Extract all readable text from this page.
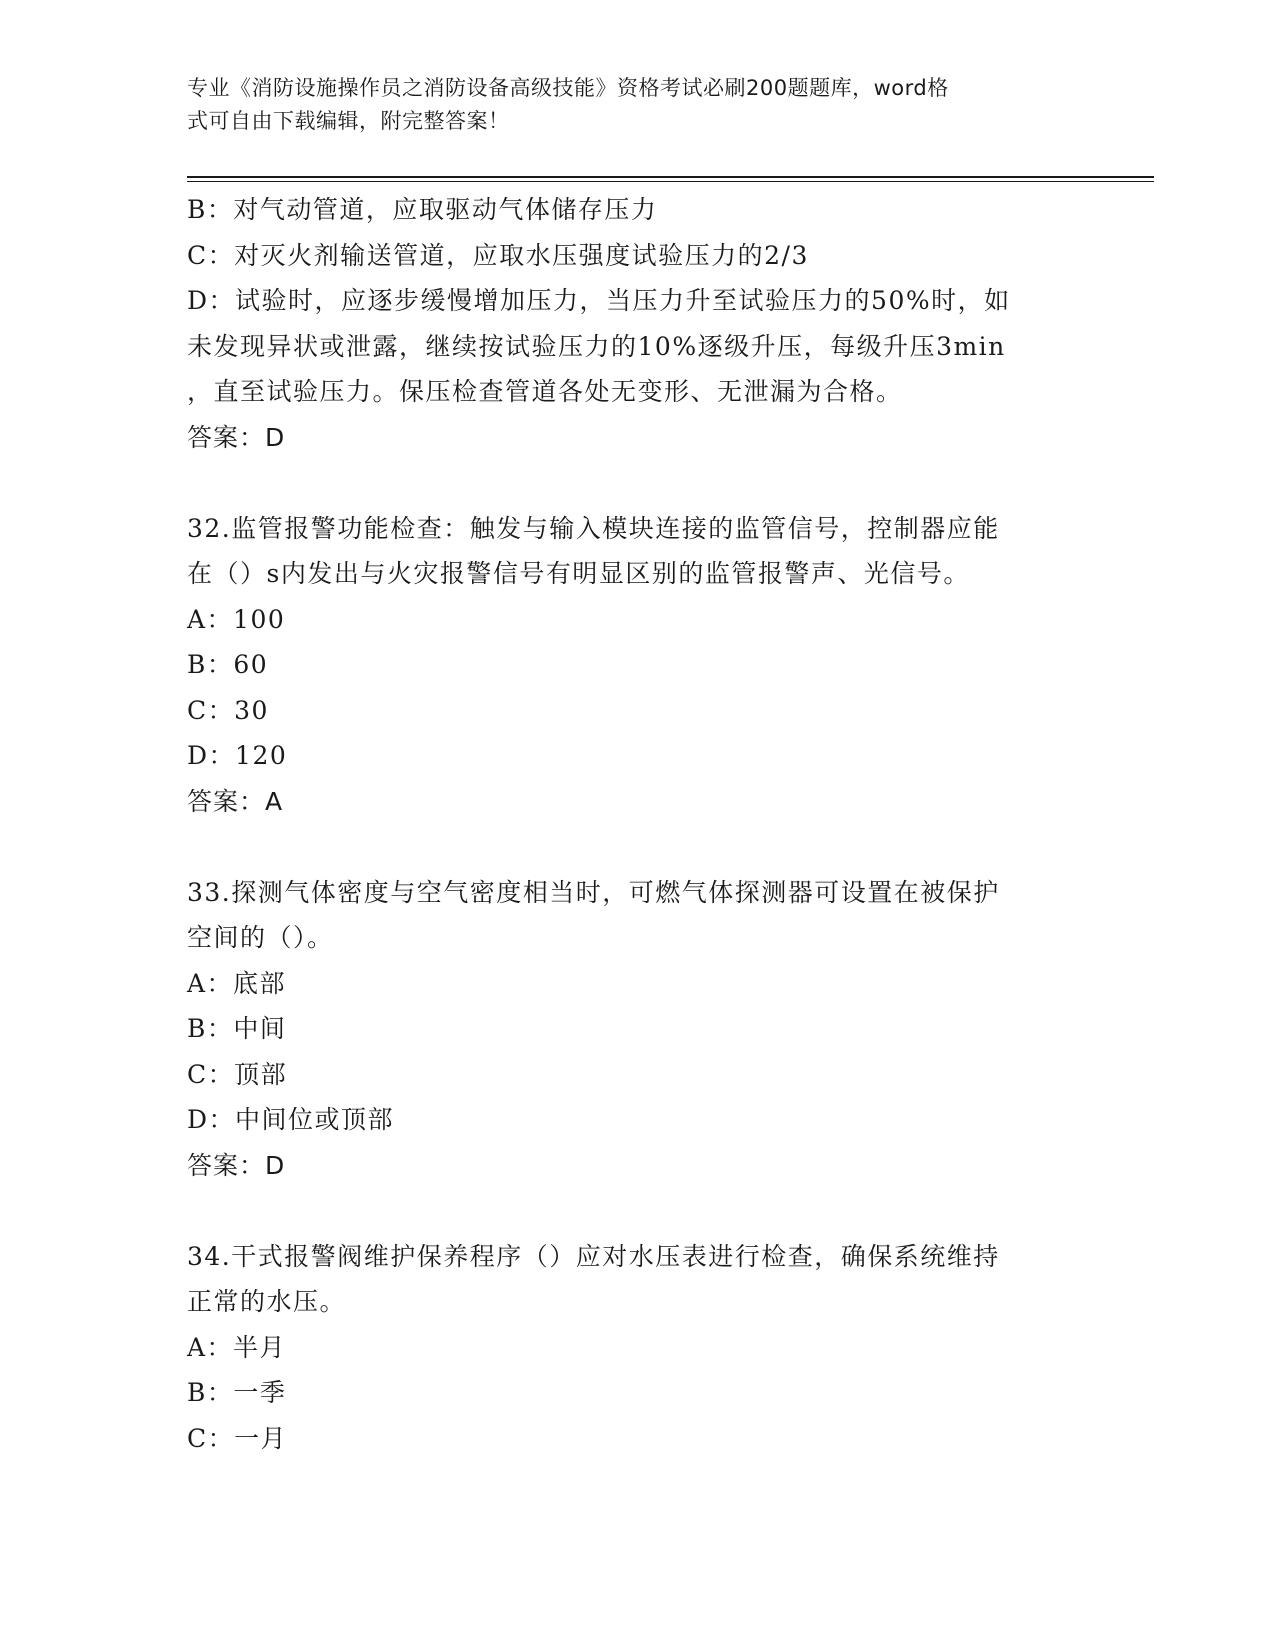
专业《消防设施操作员之消防设备高级技能》资格考试必刷200题题库，word格
式可自由下载编辑，附完整答案！
B：对气动管道，应取驱动气体储存压力
C：对灭火剂输送管道，应取水压强度试验压力的2/3
D：试验时，应逐步缓慢增加压力，当压力升至试验压力的50%时，如
未发现异状或泄露，继续按试验压力的10%逐级升压，每级升压3min
，直至试验压力。保压检查管道各处无变形、无泄漏为合格。
答案：D
32.监管报警功能检查：触发与输入模块连接的监管信号，控制器应能
在（）s内发出与火灾报警信号有明显区别的监管报警声、光信号。
A：100
B：60
C：30
D：120
答案：A
33.探测气体密度与空气密度相当时，可燃气体探测器可设置在被保护
空间的（）。
A：底部
B：中间
C：顶部
D：中间位或顶部
答案：D
34.干式报警阀维护保养程序（）应对水压表进行检查，确保系统维持
正常的水压。
A：半月
B：一季
C：一月
